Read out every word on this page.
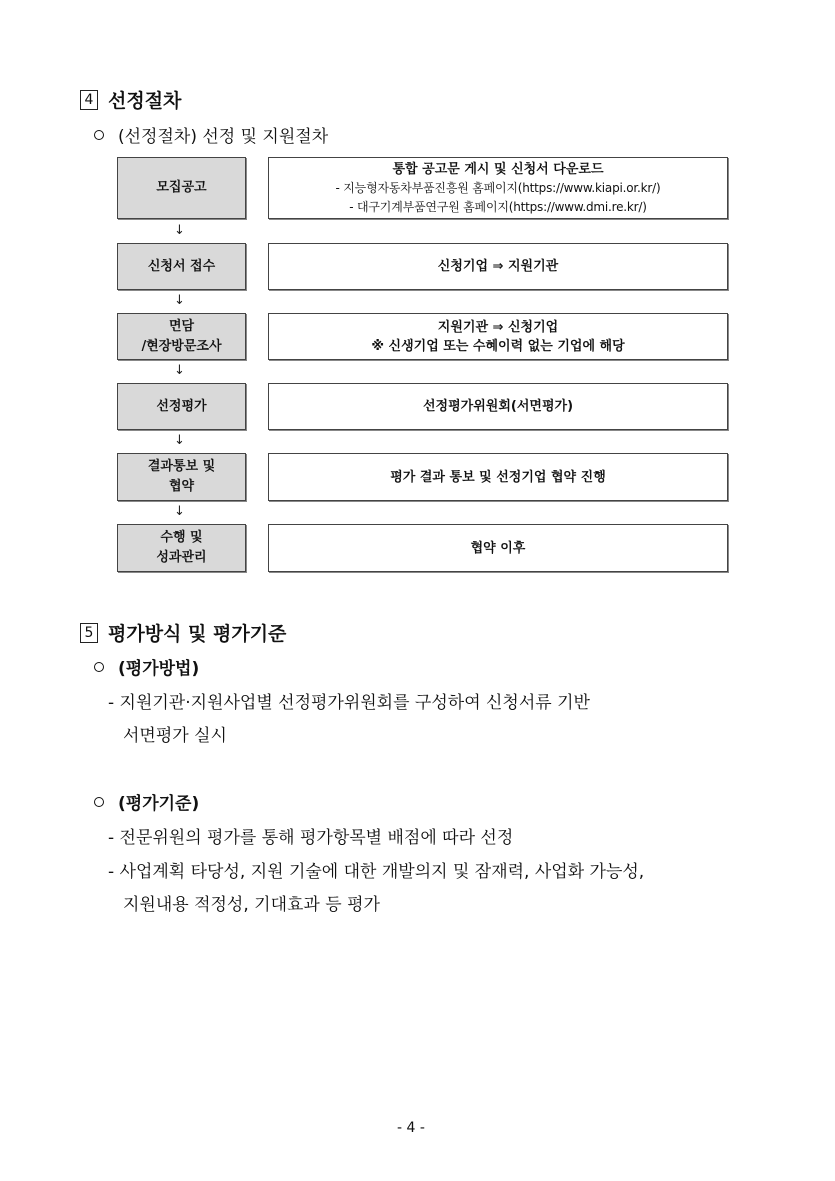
4 선정절차
(선정절차) 선정 및 지원절차
모집공고
통합 공고문 게시 및 신청서 다운로드
- 지능형자동차부품진흥원 홈페이지(https://www.kiapi.or.kr/)
- 대구기계부품연구원 홈페이지(https://www.dmi.re.kr/)
↓
신청서 접수	신청기업 ⇒ 지원기관
↓
면담
/현장방문조사
지원기관 ⇒ 신청기업
※ 신생기업 또는 수혜이력 없는 기업에 해당
↓
선정평가	선정평가위원회(서면평가)
↓
결과통보 및
협약
평가 결과 통보 및 선정기업 협약 진행
↓
수행 및
성과관리
협약 이후
5 평가방식 및 평가기준
(평가방법)
- 지원기관·지원사업별 선정평가위원회를 구성하여 신청서류 기반
서면평가 실시
(평가기준)
- 전문위원의 평가를 통해 평가항목별 배점에 따라 선정
- 사업계획 타당성, 지원 기술에 대한 개발의지 및 잠재력, 사업화 가능성,
지원내용 적정성, 기대효과 등 평가
- 4 -
